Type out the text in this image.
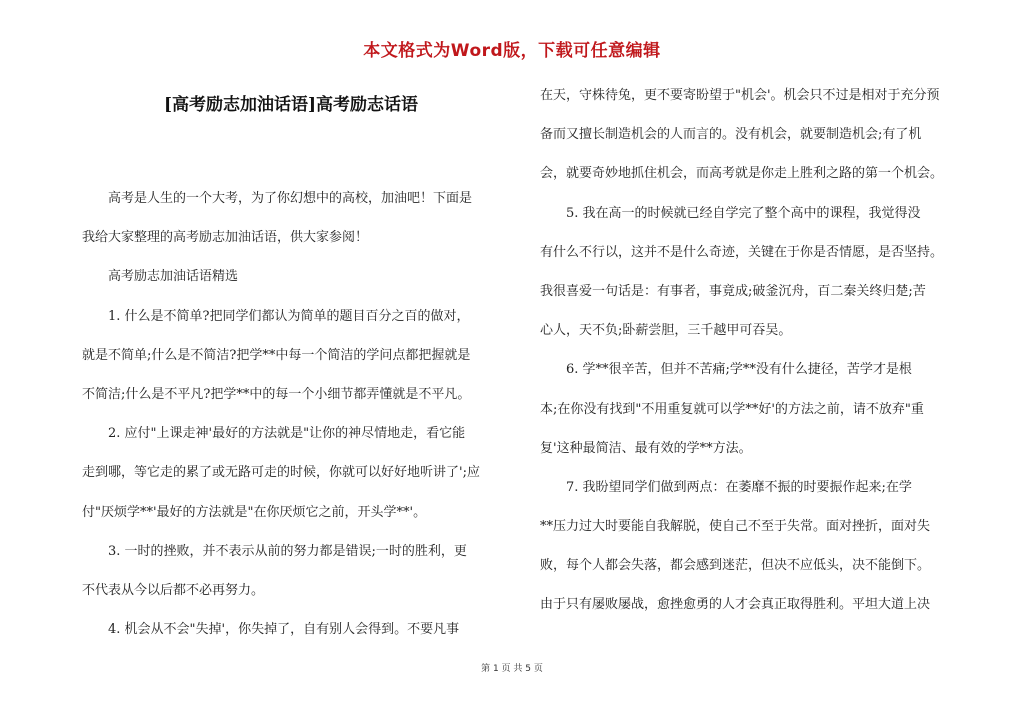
本文格式为Word版，下载可任意编辑
[高考励志加油话语]高考励志话语
　　高考是人生的一个大考，为了你幻想中的高校，加油吧！下面是
我给大家整理的高考励志加油话语，供大家参阅！
　　高考励志加油话语精选
　　1. 什么是不简单?把同学们都认为简单的题目百分之百的做对，
就是不简单;什么是不简洁?把学**中每一个简洁的学问点都把握就是
不简洁;什么是不平凡?把学**中的每一个小细节都弄懂就是不平凡。
　　2. 应付"上课走神'最好的方法就是"让你的神尽情地走，看它能
走到哪，等它走的累了或无路可走的时候，你就可以好好地听讲了';应
付"厌烦学**'最好的方法就是"在你厌烦它之前，开头学**'。
　　3. 一时的挫败，并不表示从前的努力都是错误;一时的胜利，更
不代表从今以后都不必再努力。
　　4. 机会从不会"失掉'，你失掉了，自有别人会得到。不要凡事
在天，守株待兔，更不要寄盼望于"机会'。机会只不过是相对于充分预
备而又擅长制造机会的人而言的。没有机会，就要制造机会;有了机
会，就要奇妙地抓住机会，而高考就是你走上胜利之路的第一个机会。
　　5. 我在高一的时候就已经自学完了整个高中的课程，我觉得没
有什么不行以，这并不是什么奇迹，关键在于你是否情愿，是否坚持。
我很喜爱一句话是：有事者，事竟成;破釜沉舟，百二秦关终归楚;苦
心人，天不负;卧薪尝胆，三千越甲可吞吴。
　　6. 学**很辛苦，但并不苦痛;学**没有什么捷径，苦学才是根
本;在你没有找到"不用重复就可以学**好'的方法之前，请不放弃"重
复'这种最简洁、最有效的学**方法。
　　7. 我盼望同学们做到两点：在萎靡不振的时要振作起来;在学
**压力过大时要能自我解脱，使自己不至于失常。面对挫折，面对失
败，每个人都会失落，都会感到迷茫，但决不应低头，决不能倒下。
由于只有屡败屡战，愈挫愈勇的人才会真正取得胜利。平坦大道上决
第 1 页 共 5 页
